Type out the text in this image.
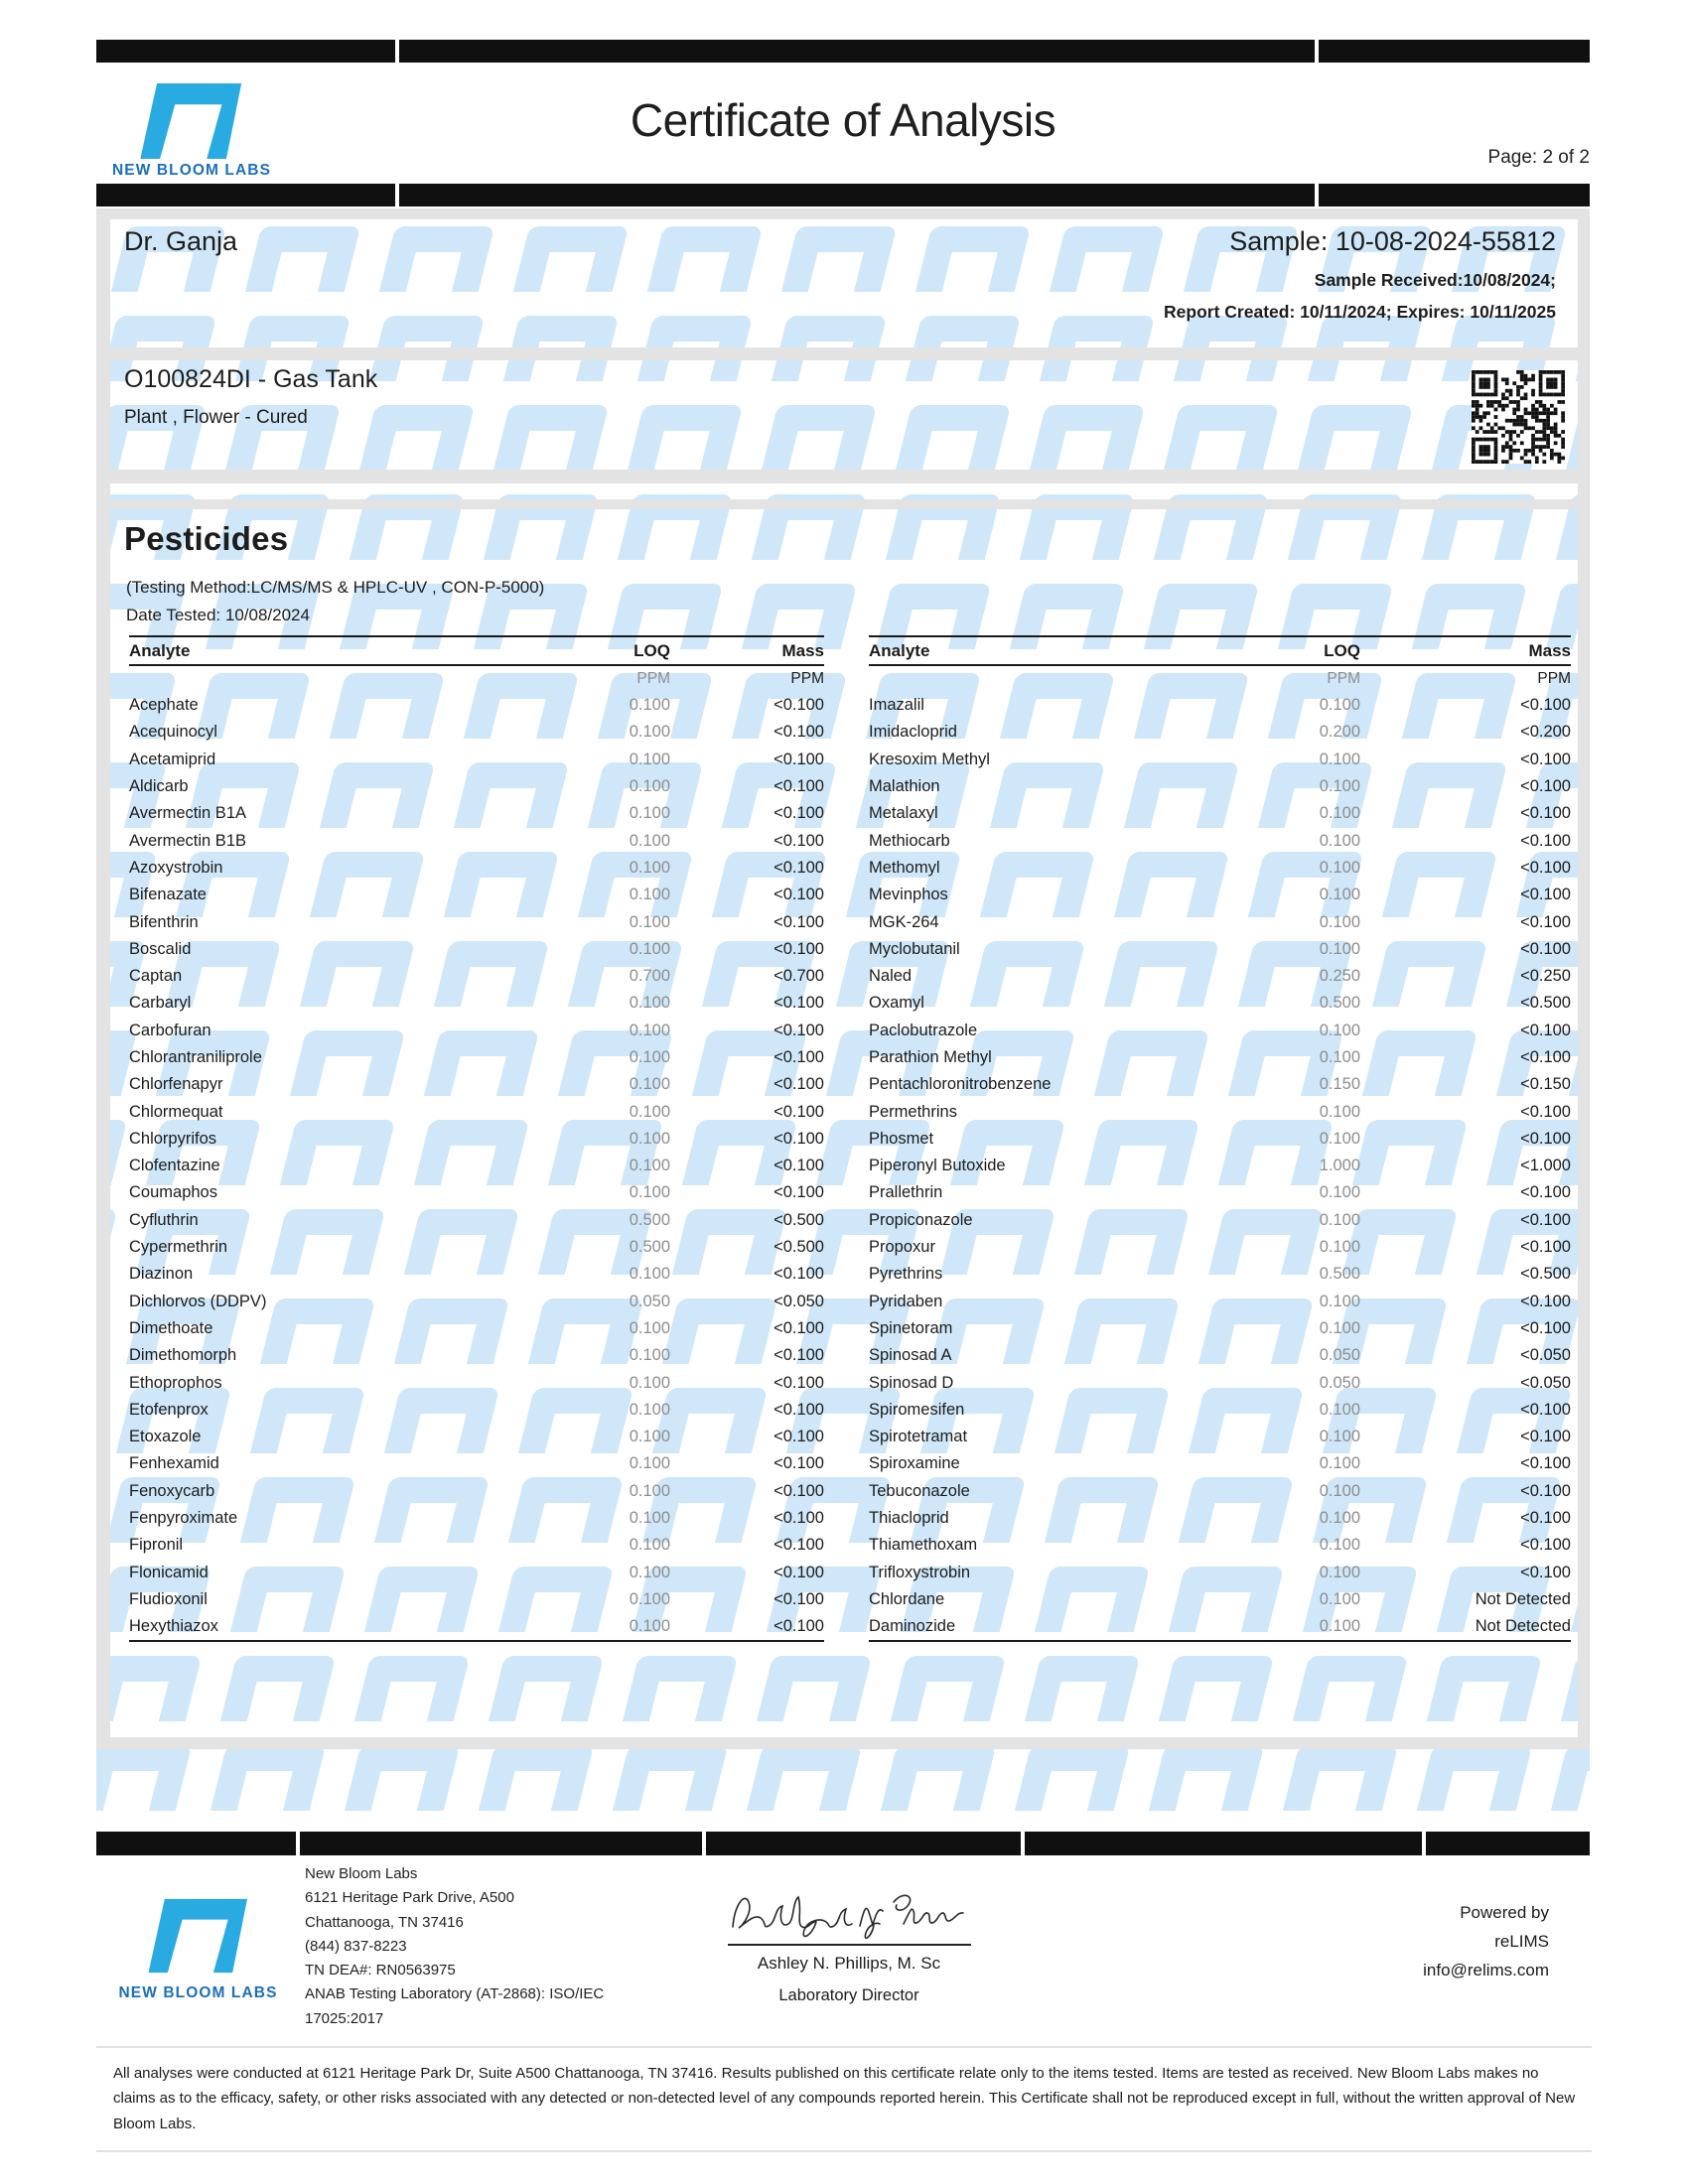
NEW BLOOM LABS
Certificate of Analysis
Page: 2 of 2
Dr. Ganja	Sample: 10-08-2024-55812
Sample Received:10/08/2024;
Report Created: 10/11/2024; Expires: 10/11/2025
O100824DI - Gas Tank
Plant , Flower - Cured
Pesticides
(Testing Method:LC/MS/MS & HPLC-UV , CON-P-5000)
Date Tested: 10/08/2024
Analyte	LOQ	Mass
PPM	PPM
Acephate	0.100	<0.100
Acequinocyl	0.100	<0.100
Acetamiprid	0.100	<0.100
Aldicarb	0.100	<0.100
Avermectin B1A	0.100	<0.100
Avermectin B1B	0.100	<0.100
Azoxystrobin	0.100	<0.100
Bifenazate	0.100	<0.100
Bifenthrin	0.100	<0.100
Boscalid	0.100	<0.100
Captan	0.700	<0.700
Carbaryl	0.100	<0.100
Carbofuran	0.100	<0.100
Chlorantraniliprole	0.100	<0.100
Chlorfenapyr	0.100	<0.100
Chlormequat	0.100	<0.100
Chlorpyrifos	0.100	<0.100
Clofentazine	0.100	<0.100
Coumaphos	0.100	<0.100
Cyfluthrin	0.500	<0.500
Cypermethrin	0.500	<0.500
Diazinon	0.100	<0.100
Dichlorvos (DDPV)	0.050	<0.050
Dimethoate	0.100	<0.100
Dimethomorph	0.100	<0.100
Ethoprophos	0.100	<0.100
Etofenprox	0.100	<0.100
Etoxazole	0.100	<0.100
Fenhexamid	0.100	<0.100
Fenoxycarb	0.100	<0.100
Fenpyroximate	0.100	<0.100
Fipronil	0.100	<0.100
Flonicamid	0.100	<0.100
Fludioxonil	0.100	<0.100
Hexythiazox	0.100	<0.100
Analyte	LOQ	Mass
PPM	PPM
Imazalil	0.100	<0.100
Imidacloprid	0.200	<0.200
Kresoxim Methyl	0.100	<0.100
Malathion	0.100	<0.100
Metalaxyl	0.100	<0.100
Methiocarb	0.100	<0.100
Methomyl	0.100	<0.100
Mevinphos	0.100	<0.100
MGK-264	0.100	<0.100
Myclobutanil	0.100	<0.100
Naled	0.250	<0.250
Oxamyl	0.500	<0.500
Paclobutrazole	0.100	<0.100
Parathion Methyl	0.100	<0.100
Pentachloronitrobenzene	0.150	<0.150
Permethrins	0.100	<0.100
Phosmet	0.100	<0.100
Piperonyl Butoxide	1.000	<1.000
Prallethrin	0.100	<0.100
Propiconazole	0.100	<0.100
Propoxur	0.100	<0.100
Pyrethrins	0.500	<0.500
Pyridaben	0.100	<0.100
Spinetoram	0.100	<0.100
Spinosad A	0.050	<0.050
Spinosad D	0.050	<0.050
Spiromesifen	0.100	<0.100
Spirotetramat	0.100	<0.100
Spiroxamine	0.100	<0.100
Tebuconazole	0.100	<0.100
Thiacloprid	0.100	<0.100
Thiamethoxam	0.100	<0.100
Trifloxystrobin	0.100	<0.100
Chlordane	0.100	Not Detected
Daminozide	0.100	Not Detected
NEW BLOOM LABS
New Bloom Labs
6121 Heritage Park Drive, A500
Chattanooga, TN 37416
(844) 837-8223
TN DEA#: RN0563975
ANAB Testing Laboratory (AT-2868): ISO/IEC
17025:2017
Ashley N. Phillips, M. Sc
Laboratory Director
Powered by
reLIMS
info@relims.com
All analyses were conducted at 6121 Heritage Park Dr, Suite A500 Chattanooga, TN 37416. Results published on this certificate relate only to the items tested. Items are tested as received. New Bloom Labs makes no claims as to the efficacy, safety, or other risks associated with any detected or non-detected level of any compounds reported herein. This Certificate shall not be reproduced except in full, without the written approval of New Bloom Labs.
